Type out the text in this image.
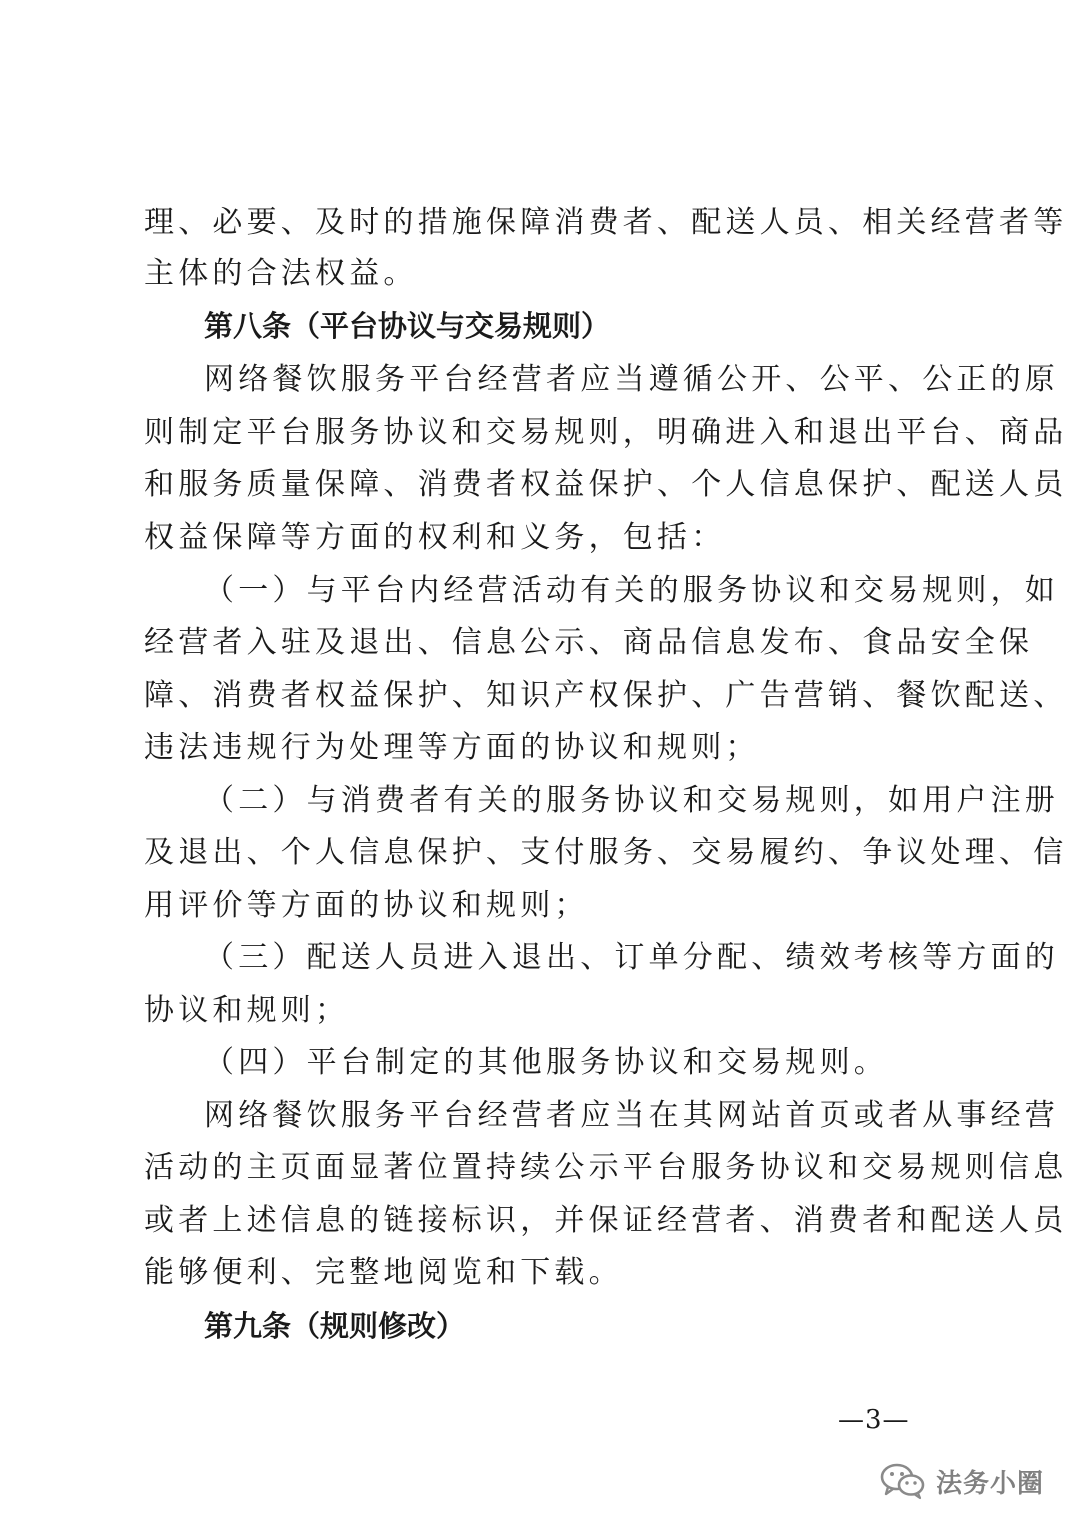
理、必要、及时的措施保障消费者、配送人员、相关经营者等
主体的合法权益。
第八条（平台协议与交易规则）
网络餐饮服务平台经营者应当遵循公开、公平、公正的原
则制定平台服务协议和交易规则，明确进入和退出平台、商品
和服务质量保障、消费者权益保护、个人信息保护、配送人员
权益保障等方面的权利和义务，包括：
（一）与平台内经营活动有关的服务协议和交易规则，如
经营者入驻及退出、信息公示、商品信息发布、食品安全保
障、消费者权益保护、知识产权保护、广告营销、餐饮配送、
违法违规行为处理等方面的协议和规则；
（二）与消费者有关的服务协议和交易规则，如用户注册
及退出、个人信息保护、支付服务、交易履约、争议处理、信
用评价等方面的协议和规则；
（三）配送人员进入退出、订单分配、绩效考核等方面的
协议和规则；
（四）平台制定的其他服务协议和交易规则。
网络餐饮服务平台经营者应当在其网站首页或者从事经营
活动的主页面显著位置持续公示平台服务协议和交易规则信息
或者上述信息的链接标识，并保证经营者、消费者和配送人员
能够便利、完整地阅览和下载。
第九条（规则修改）
—3—
法务小圈
